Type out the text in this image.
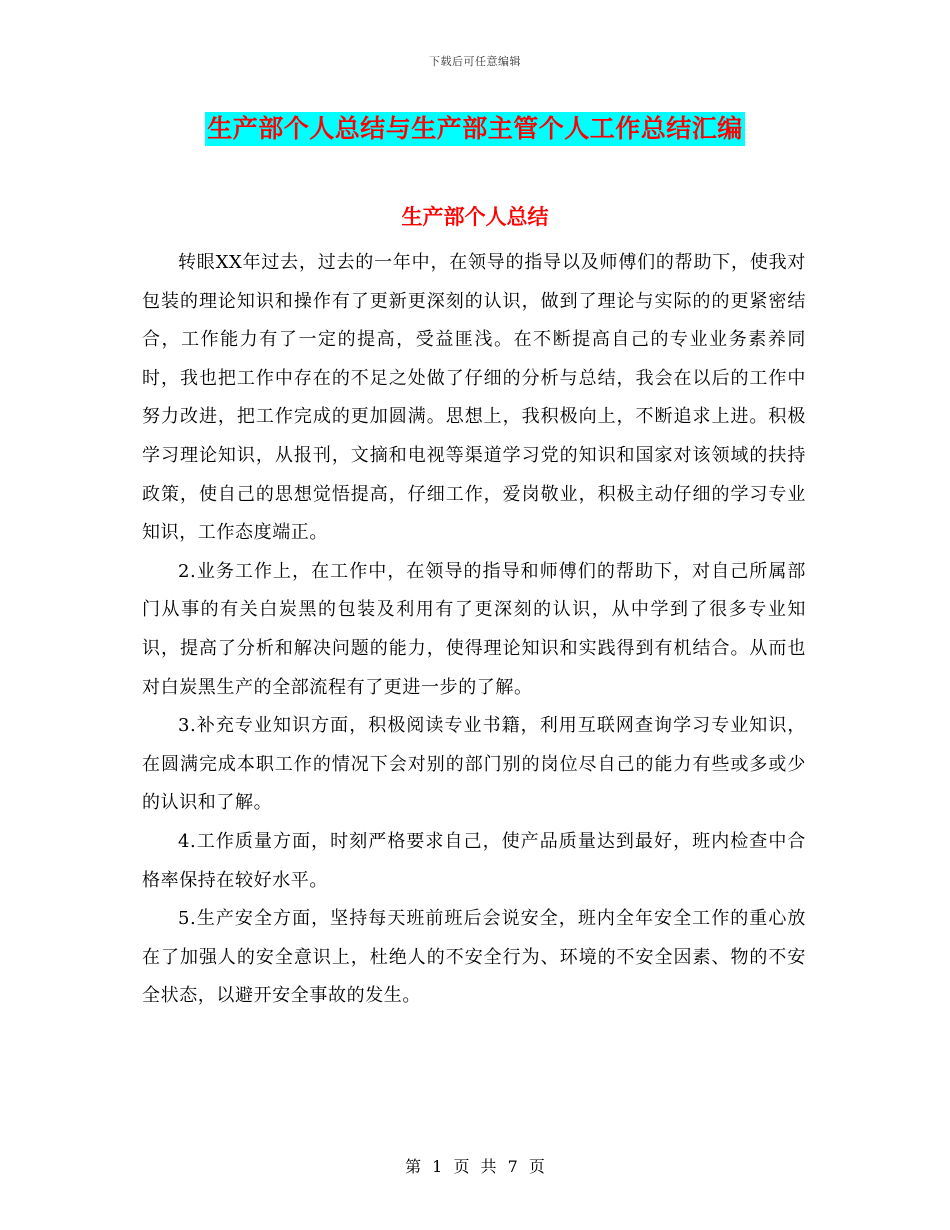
下载后可任意编辑
生产部个人总结与生产部主管个人工作总结汇编
生产部个人总结

转眼XX年过去，过去的一年中，在领导的指导以及师傅们的帮助下，使我对包装的理论知识和操作有了更新更深刻的认识，做到了理论与实际的的更紧密结合，工作能力有了一定的提高，受益匪浅。在不断提高自己的专业业务素养同时，我也把工作中存在的不足之处做了仔细的分析与总结，我会在以后的工作中努力改进，把工作完成的更加圆满。思想上，我积极向上，不断追求上进。积极学习理论知识，从报刊，文摘和电视等渠道学习党的知识和国家对该领域的扶持政策，使自己的思想觉悟提高，仔细工作，爱岗敬业，积极主动仔细的学习专业知识，工作态度端正。

2.业务工作上，在工作中，在领导的指导和师傅们的帮助下，对自己所属部门从事的有关白炭黑的包装及利用有了更深刻的认识，从中学到了很多专业知识，提高了分析和解决问题的能力，使得理论知识和实践得到有机结合。从而也对白炭黑生产的全部流程有了更进一步的了解。

3.补充专业知识方面，积极阅读专业书籍，利用互联网查询学习专业知识，在圆满完成本职工作的情况下会对别的部门别的岗位尽自己的能力有些或多或少的认识和了解。

4.工作质量方面，时刻严格要求自己，使产品质量达到最好，班内检查中合格率保持在较好水平。

5.生产安全方面，坚持每天班前班后会说安全，班内全年安全工作的重心放在了加强人的安全意识上，杜绝人的不安全行为、环境的不安全因素、物的不安全状态，以避开安全事故的发生。

第 1 页 共 7 页
